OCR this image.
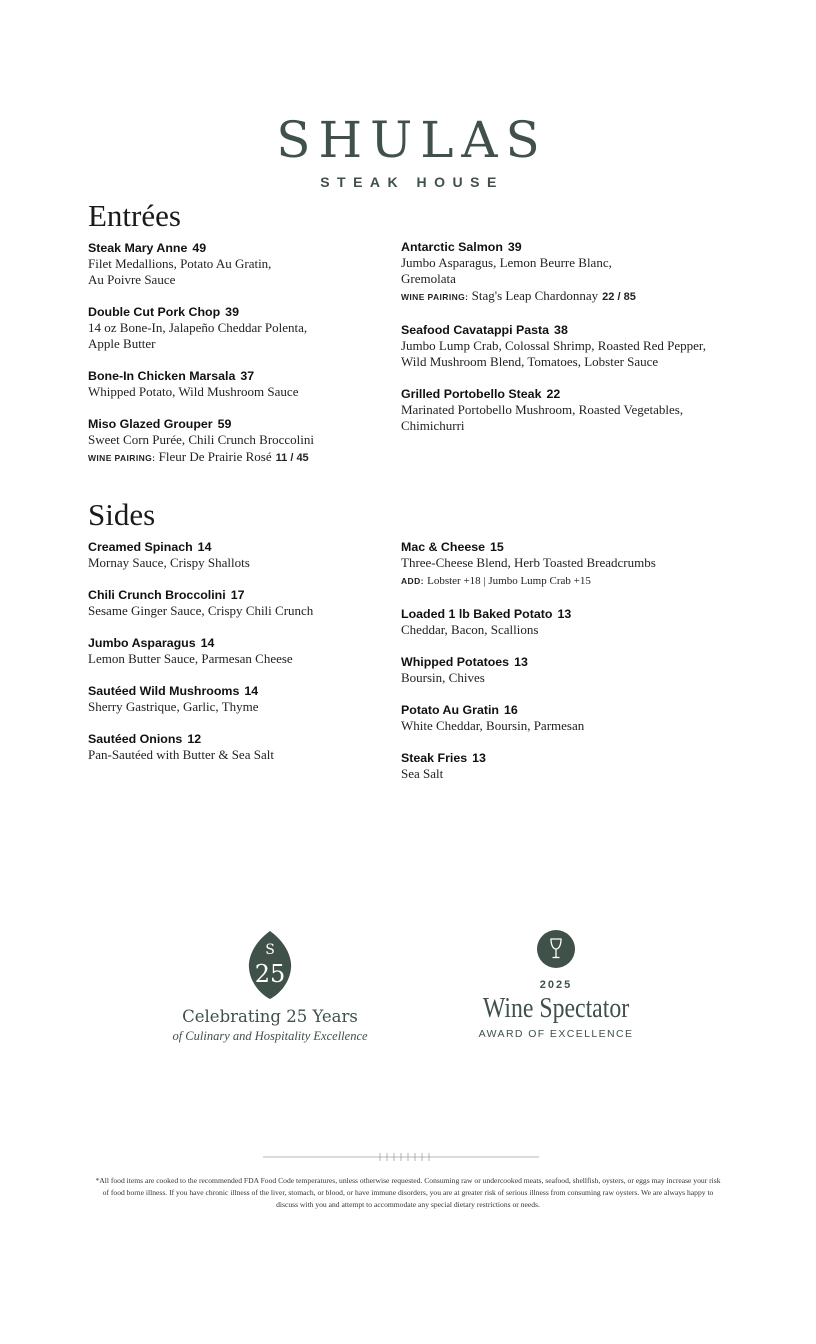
SHULAS
STEAK HOUSE
Entrées
Steak Mary Anne 49
Filet Medallions, Potato Au Gratin,
Au Poivre Sauce
Double Cut Pork Chop 39
14 oz Bone-In, Jalapeño Cheddar Polenta,
Apple Butter
Bone-In Chicken Marsala 37
Whipped Potato, Wild Mushroom Sauce
Miso Glazed Grouper 59
Sweet Corn Purée, Chili Crunch Broccolini
WINE PAIRING: Fleur De Prairie Rosé 11 / 45
Antarctic Salmon 39
Jumbo Asparagus, Lemon Beurre Blanc,
Gremolata
WINE PAIRING: Stag's Leap Chardonnay 22 / 85
Seafood Cavatappi Pasta 38
Jumbo Lump Crab, Colossal Shrimp, Roasted Red Pepper,
Wild Mushroom Blend, Tomatoes, Lobster Sauce
Grilled Portobello Steak 22
Marinated Portobello Mushroom, Roasted Vegetables,
Chimichurri
Sides
Creamed Spinach 14
Mornay Sauce, Crispy Shallots
Chili Crunch Broccolini 17
Sesame Ginger Sauce, Crispy Chili Crunch
Jumbo Asparagus 14
Lemon Butter Sauce, Parmesan Cheese
Sautéed Wild Mushrooms 14
Sherry Gastrique, Garlic, Thyme
Sautéed Onions 12
Pan-Sautéed with Butter & Sea Salt
Mac & Cheese 15
Three-Cheese Blend, Herb Toasted Breadcrumbs
ADD: Lobster +18 | Jumbo Lump Crab +15
Loaded 1 lb Baked Potato 13
Cheddar, Bacon, Scallions
Whipped Potatoes 13
Boursin, Chives
Potato Au Gratin 16
White Cheddar, Boursin, Parmesan
Steak Fries 13
Sea Salt
S
25
Celebrating 25 Years
of Culinary and Hospitality Excellence
2025
Wine Spectator
AWARD OF EXCELLENCE
*All food items are cooked to the recommended FDA Food Code temperatures, unless otherwise requested. Consuming raw or undercooked meats, seafood, shellfish, oysters, or eggs may increase your risk of food borne illness. If you have chronic illness of the liver, stomach, or blood, or have immune disorders, you are at greater risk of serious illness from consuming raw oysters. We are always happy to discuss with you and attempt to accommodate any special dietary restrictions or needs.
